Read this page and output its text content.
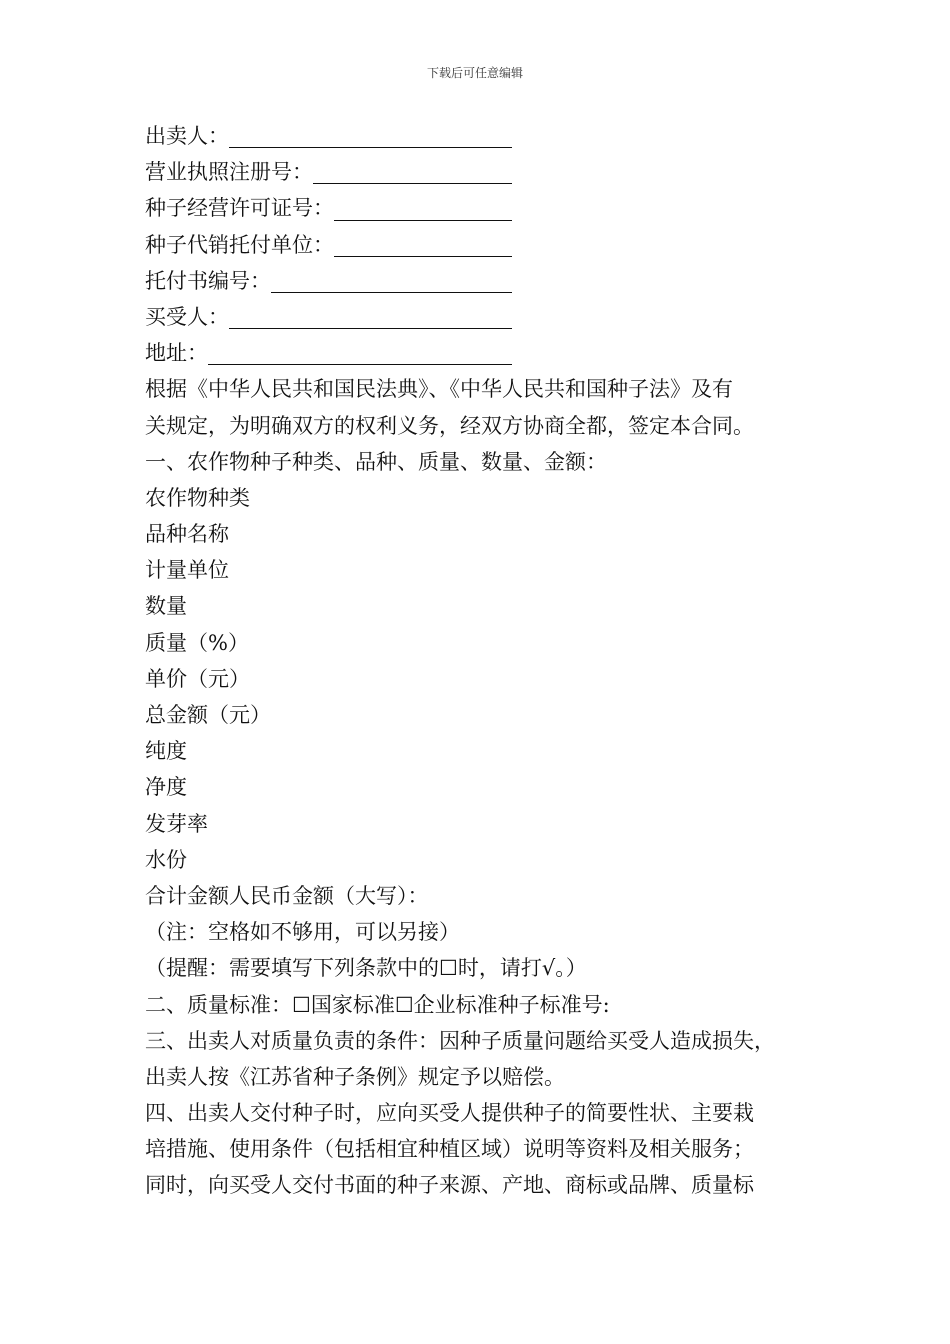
下载后可任意编辑
出卖人：
营业执照注册号：
种子经营许可证号：
种子代销托付单位：
托付书编号：
买受人：
地址：
根据《中华人民共和国民法典》、《中华人民共和国种子法》及有
关规定，为明确双方的权利义务，经双方协商全都，签定本合同。
一、农作物种子种类、品种、质量、数量、金额：
农作物种类
品种名称
计量单位
数量
质量（%）
单价（元）
总金额（元）
纯度
净度
发芽率
水份
合计金额人民币金额（大写）：
（注：空格如不够用，可以另接）
（提醒：需要填写下列条款中的☐时，请打√。）
二、质量标准：☐国家标准☐企业标准种子标准号:
三、出卖人对质量负责的条件：因种子质量问题给买受人造成损失，
出卖人按《江苏省种子条例》规定予以赔偿。
四、出卖人交付种子时，应向买受人提供种子的简要性状、主要栽
培措施、使用条件（包括相宜种植区域）说明等资料及相关服务；
同时，向买受人交付书面的种子来源、产地、商标或品牌、质量标
